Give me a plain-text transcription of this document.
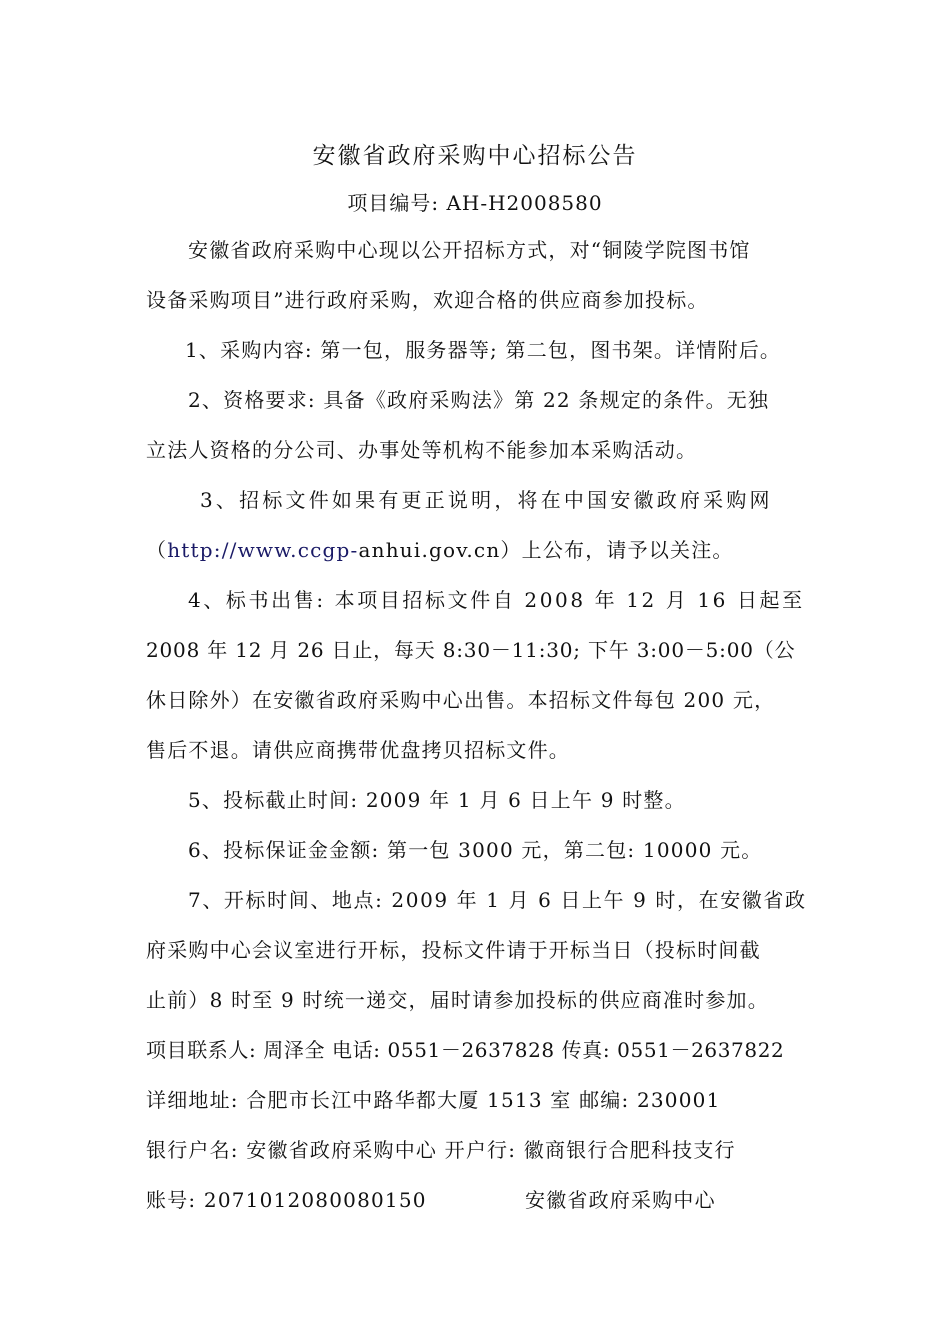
安徽省政府采购中心招标公告
项目编号: AH-H2008580
安徽省政府采购中心现以公开招标方式，对“铜陵学院图书馆
设备采购项目”进行政府采购，欢迎合格的供应商参加投标。
1、采购内容: 第一包，服务器等; 第二包，图书架。详情附后。
2、资格要求: 具备《政府采购法》第 22 条规定的条件。无独
立法人资格的分公司、办事处等机构不能参加本采购活动。
3、招标文件如果有更正说明，将在中国安徽政府采购网
（http://www.ccgp-anhui.gov.cn）上公布，请予以关注。
4、标书出售: 本项目招标文件自 2008 年 12 月 16 日起至
2008 年 12 月 26 日止，每天 8:30－11:30; 下午 3:00－5:00（公
休日除外）在安徽省政府采购中心出售。本招标文件每包 200 元，
售后不退。请供应商携带优盘拷贝招标文件。
5、投标截止时间: 2009 年 1 月 6 日上午 9 时整。
6、投标保证金金额: 第一包 3000 元，第二包: 10000 元。
7、开标时间、地点: 2009 年 1 月 6 日上午 9 时，在安徽省政
府采购中心会议室进行开标，投标文件请于开标当日（投标时间截
止前）8 时至 9 时统一递交，届时请参加投标的供应商准时参加。
项目联系人: 周泽全 电话: 0551－2637828 传真: 0551－2637822
详细地址: 合肥市长江中路华都大厦 1513 室 邮编: 230001
银行户名: 安徽省政府采购中心 开户行: 徽商银行合肥科技支行
账号: 2071012080080150	安徽省政府采购中心
